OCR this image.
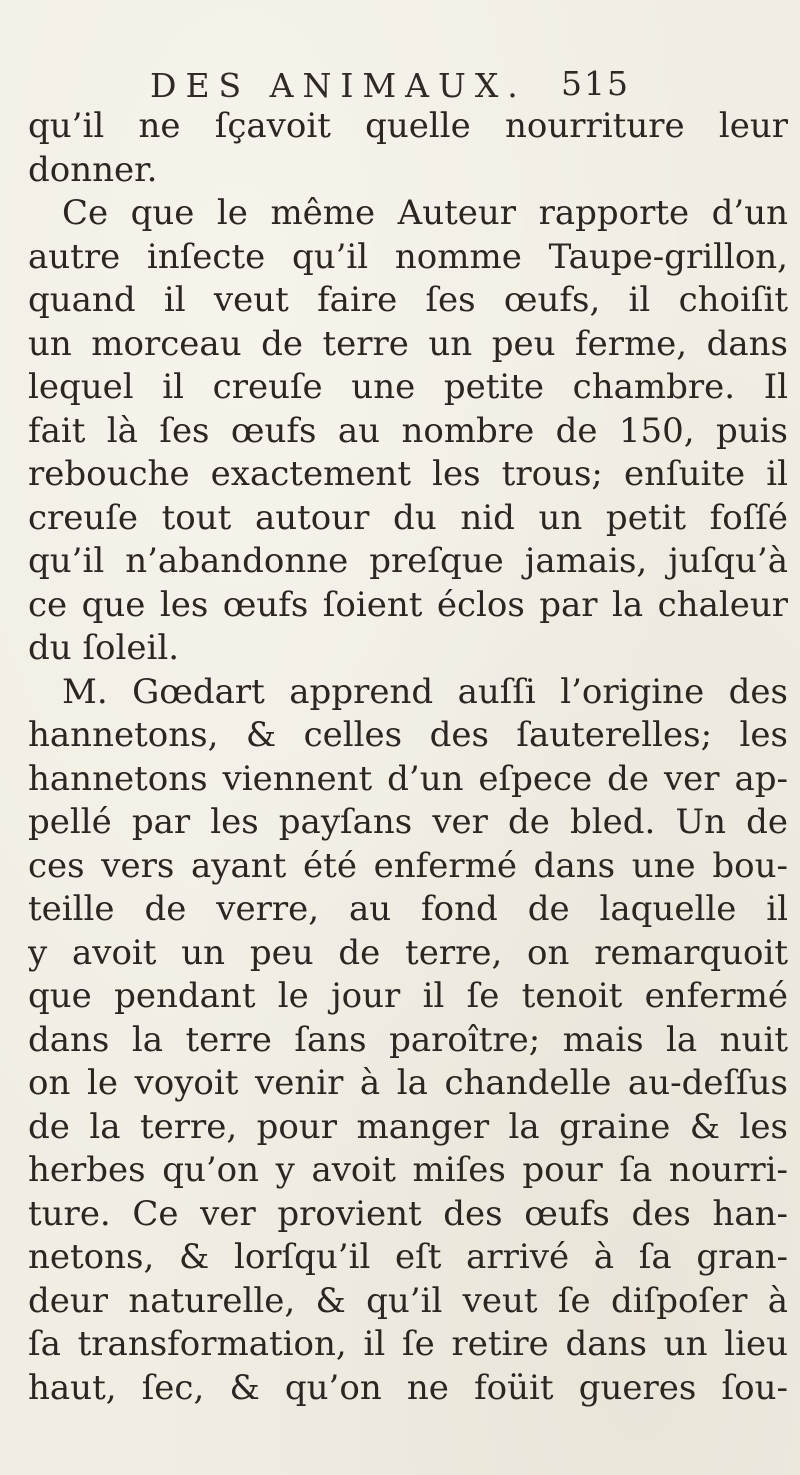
DES ANIMAUX. 515
qu’il ne ſçavoit quelle nourriture leur
donner.
Ce que le même Auteur rapporte d’un
autre inſecte qu’il nomme Taupe-grillon,
quand il veut faire ſes œufs, il choiſit
un morceau de terre un peu ferme, dans
lequel il creuſe une petite chambre. Il
fait là ſes œufs au nombre de 150, puis
rebouche exactement les trous; enſuite il
creuſe tout autour du nid un petit foſſé
qu’il n’abandonne preſque jamais, juſqu’à
ce que les œufs ſoient éclos par la chaleur
du ſoleil.
M. Gœdart apprend auſſi l’origine des
hannetons, & celles des ſauterelles; les
hannetons viennent d’un eſpece de ver ap-
pellé par les payſans ver de bled. Un de
ces vers ayant été enfermé dans une bou-
teille de verre, au fond de laquelle il
y avoit un peu de terre, on remarquoit
que pendant le jour il ſe tenoit enfermé
dans la terre ſans paroître; mais la nuit
on le voyoit venir à la chandelle au-deſſus
de la terre, pour manger la graine & les
herbes qu’on y avoit miſes pour ſa nourri-
ture. Ce ver provient des œufs des han-
netons, & lorſqu’il eſt arrivé à ſa gran-
deur naturelle, & qu’il veut ſe diſpoſer à
ſa transformation, il ſe retire dans un lieu
haut, ſec, & qu’on ne foüit gueres ſou-
